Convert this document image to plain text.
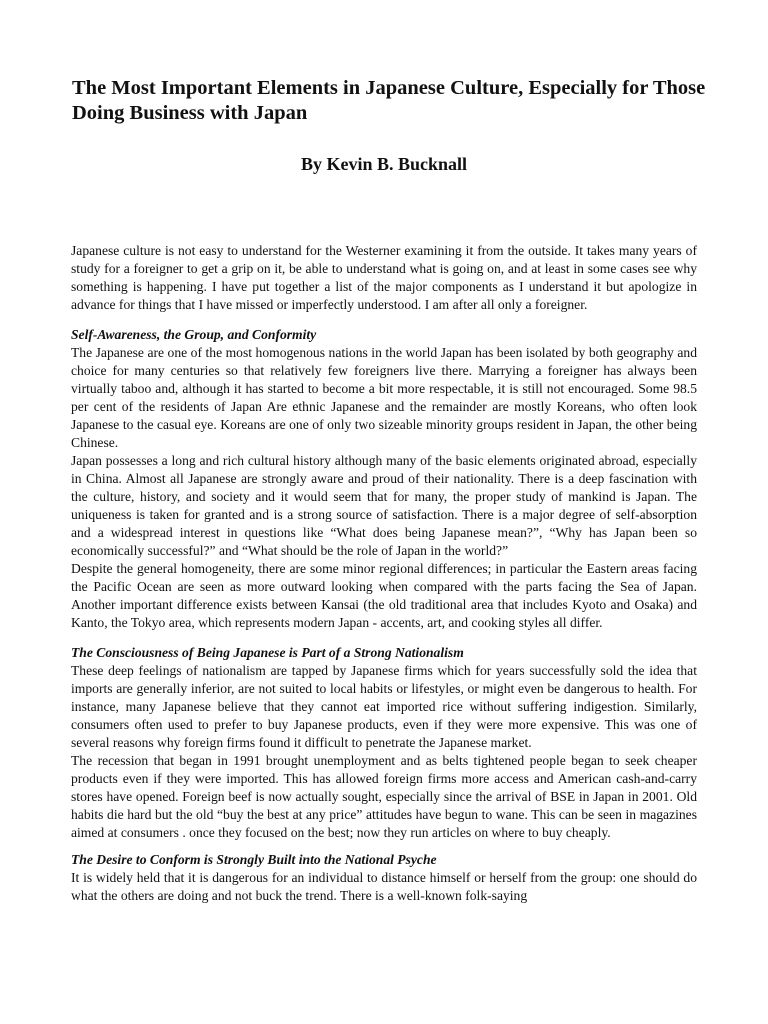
The Most Important Elements in Japanese Culture, Especially for Those Doing Business with Japan
By Kevin B. Bucknall

Japanese culture is not easy to understand for the Westerner examining it from the outside. It takes many years of study for a foreigner to get a grip on it, be able to understand what is going on, and at least in some cases see why something is happening. I have put together a list of the major components as I understand it but apologize in advance for things that I have missed or imperfectly understood. I am after all only a foreigner.

Self-Awareness, the Group, and Conformity

The Japanese are one of the most homogenous nations in the world Japan has been isolated by both geography and choice for many centuries so that relatively few foreigners live there. Marrying a foreigner has always been virtually taboo and, although it has started to become a bit more respectable, it is still not encouraged. Some 98.5 per cent of the residents of Japan Are ethnic Japanese and the remainder are mostly Koreans, who often look Japanese to the casual eye. Koreans are one of only two sizeable minority groups resident in Japan, the other being Chinese.

Japan possesses a long and rich cultural history although many of the basic elements originated abroad, especially in China. Almost all Japanese are strongly aware and proud of their nationality. There is a deep fascination with the culture, history, and society and it would seem that for many, the proper study of mankind is Japan. The uniqueness is taken for granted and is a strong source of satisfaction. There is a major degree of self-absorption and a widespread interest in questions like “What does being Japanese mean?”, “Why has Japan been so economically successful?” and “What should be the role of Japan in the world?”

Despite the general homogeneity, there are some minor regional differences; in particular the Eastern areas facing the Pacific Ocean are seen as more outward looking when compared with the parts facing the Sea of Japan. Another important difference exists between Kansai (the old traditional area that includes Kyoto and Osaka) and Kanto, the Tokyo area, which represents modern Japan - accents, art, and cooking styles all differ.

The Consciousness of Being Japanese is Part of a Strong Nationalism

These deep feelings of nationalism are tapped by Japanese firms which for years successfully sold the idea that imports are generally inferior, are not suited to local habits or lifestyles, or might even be dangerous to health. For instance, many Japanese believe that they cannot eat imported rice without suffering indigestion. Similarly, consumers often used to prefer to buy Japanese products, even if they were more expensive. This was one of several reasons why foreign firms found it difficult to penetrate the Japanese market.

The recession that began in 1991 brought unemployment and as belts tightened people began to seek cheaper products even if they were imported. This has allowed foreign firms more access and American cash-and-carry stores have opened. Foreign beef is now actually sought, especially since the arrival of BSE in Japan in 2001. Old habits die hard but the old “buy the best at any price” attitudes have begun to wane. This can be seen in magazines aimed at consumers . once they focused on the best; now they run articles on where to buy cheaply.

The Desire to Conform is Strongly Built into the National Psyche

It is widely held that it is dangerous for an individual to distance himself or herself from the group: one should do what the others are doing and not buck the trend. There is a well-known folk-saying
